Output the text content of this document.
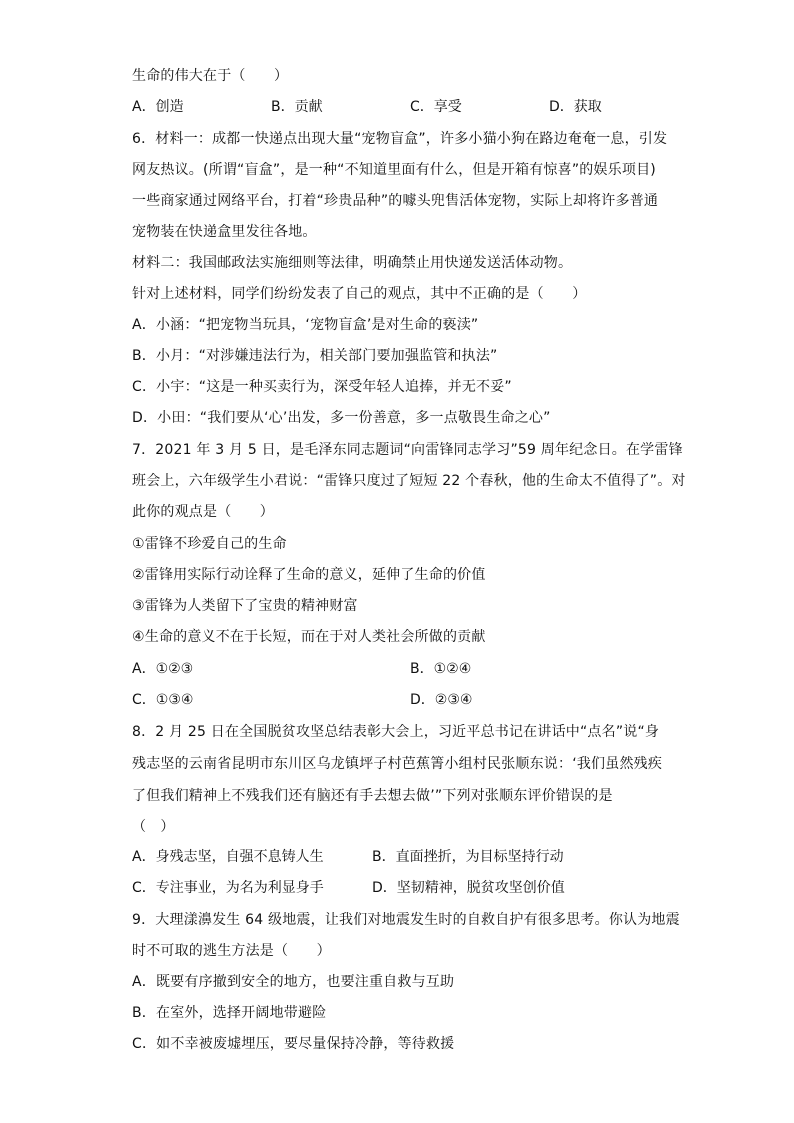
生命的伟大在于（　　）
A．创造	B．贡献	C．享受	D．获取
6．材料一：成都一快递点出现大量“宠物盲盒”，许多小猫小狗在路边奄奄一息，引发
网友热议。(所谓“盲盒”，是一种“不知道里面有什么，但是开箱有惊喜”的娱乐项目)
一些商家通过网络平台，打着“珍贵品种”的噱头兜售活体宠物，实际上却将许多普通
宠物装在快递盒里发往各地。
材料二：我国邮政法实施细则等法律，明确禁止用快递发送活体动物。
针对上述材料，同学们纷纷发表了自己的观点，其中不正确的是（　　）
A．小涵：“把宠物当玩具，‘宠物盲盒’是对生命的亵渎”
B．小月：“对涉嫌违法行为，相关部门要加强监管和执法”
C．小宇：“这是一种买卖行为，深受年轻人追捧，并无不妥”
D．小田：“我们要从‘心’出发，多一份善意，多一点敬畏生命之心”
7．2021 年 3 月 5 日，是毛泽东同志题词“向雷锋同志学习”59 周年纪念日。在学雷锋
班会上，六年级学生小君说：“雷锋只度过了短短 22 个春秋，他的生命太不值得了”。对
此你的观点是（　　）
①雷锋不珍爱自己的生命
②雷锋用实际行动诠释了生命的意义，延伸了生命的价值
③雷锋为人类留下了宝贵的精神财富
④生命的意义不在于长短，而在于对人类社会所做的贡献
A．①②③	B．①②④
C．①③④	D．②③④
8．2 月 25 日在全国脱贫攻坚总结表彰大会上，习近平总书记在讲话中“点名”说“身
残志坚的云南省昆明市东川区乌龙镇坪子村芭蕉箐小组村民张顺东说：‘我们虽然残疾
了但我们精神上不残我们还有脑还有手去想去做’”下列对张顺东评价错误的是
（　）
A．身残志坚，自强不息铸人生	B．直面挫折，为目标坚持行动
C．专注事业，为名为利显身手	D．坚韧精神，脱贫攻坚创价值
9．大理漾濞发生 64 级地震，让我们对地震发生时的自救自护有很多思考。你认为地震
时不可取的逃生方法是（　　）
A．既要有序撤到安全的地方，也要注重自救与互助
B．在室外，选择开阔地带避险
C．如不幸被废墟埋压，要尽量保持冷静，等待救援
